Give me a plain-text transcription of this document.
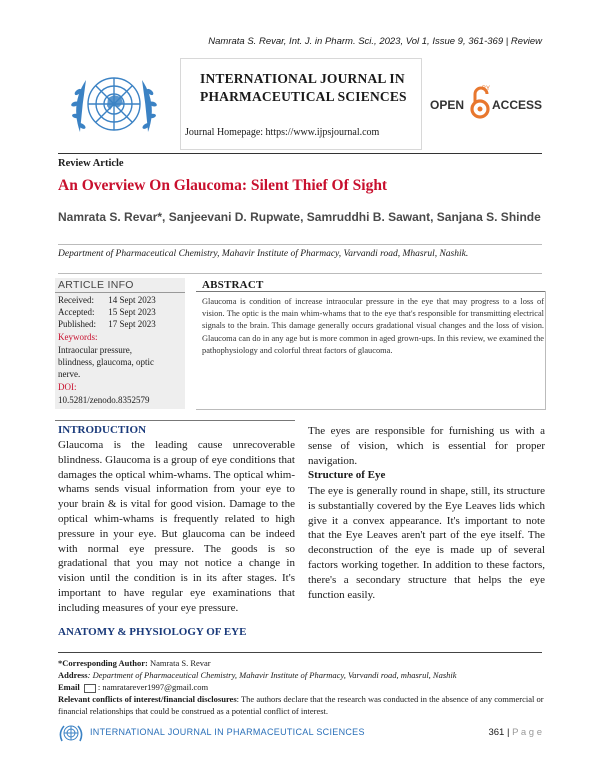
Namrata S. Revar, Int. J. in Pharm. Sci., 2023, Vol 1, Issue 9, 361-369 | Review
INTERNATIONAL JOURNAL IN PHARMACEUTICAL SCIENCES
Journal Homepage: https://www.ijpsjournal.com
OPEN
BY
ACCESS
Review Article
An Overview On Glaucoma: Silent Thief Of Sight
Namrata S. Revar*, Sanjeevani D. Rupwate, Samruddhi B. Sawant, Sanjana S. Shinde
Department of Pharmaceutical Chemistry, Mahavir Institute of Pharmacy, Varvandi road, Mhasrul, Nashik.
ARTICLE INFO
Received: 14 Sept 2023
Accepted: 15 Sept 2023
Published: 17 Sept 2023
Keywords:
Intraocular pressure,
blindness, glaucoma, optic
nerve.
DOI:
10.5281/zenodo.8352579
ABSTRACT
Glaucoma is condition of increase intraocular pressure in the eye that may progress to a loss of vision. The optic is the main whim-whams that to the eye that's responsible for transmitting electrical signals to the brain. This damage generally occurs gradational visual changes and the loss of vision. Glaucoma can do in any age but is more common in aged grown-ups. In this review, we examined the pathophysiology and colorful threat factors of glaucoma.
INTRODUCTION
Glaucoma is the leading cause unrecoverable blindness. Glaucoma is a group of eye conditions that damages the optical whim-whams. The optical whim-whams sends visual information from your eye to your brain & is vital for good vision. Damage to the optical whim-whams is frequently related to high pressure in your eye. But glaucoma can be indeed with normal eye pressure. The goods is so gradational that you may not notice a change in vision until the condition is in its after stages. It's important to have regular eye examinations that including measures of your eye pressure.
ANATOMY & PHYSIOLOGY OF EYE
The eyes are responsible for furnishing us with a sense of vision, which is essential for proper navigation.
Structure of Eye
The eye is generally round in shape, still, its structure is substantially covered by the Eye Leaves lids which give it a convex appearance. It's important to note that the Eye Leaves aren't part of the eye itself. The deconstruction of the eye is made up of several factors working together. In addition to these factors, there's a secondary structure that helps the eye function easily.
*Corresponding Author: Namrata S. Revar
Address: Department of Pharmaceutical Chemistry, Mahavir Institute of Pharmacy, Varvandi road, mhasrul, Nashik
Email : namratarever1997@gmail.com
Relevant conflicts of interest/financial disclosures: The authors declare that the research was conducted in the absence of any commercial or financial relationships that could be construed as a potential conflict of interest.
INTERNATIONAL JOURNAL IN PHARMACEUTICAL SCIENCES	361 | P a g e
